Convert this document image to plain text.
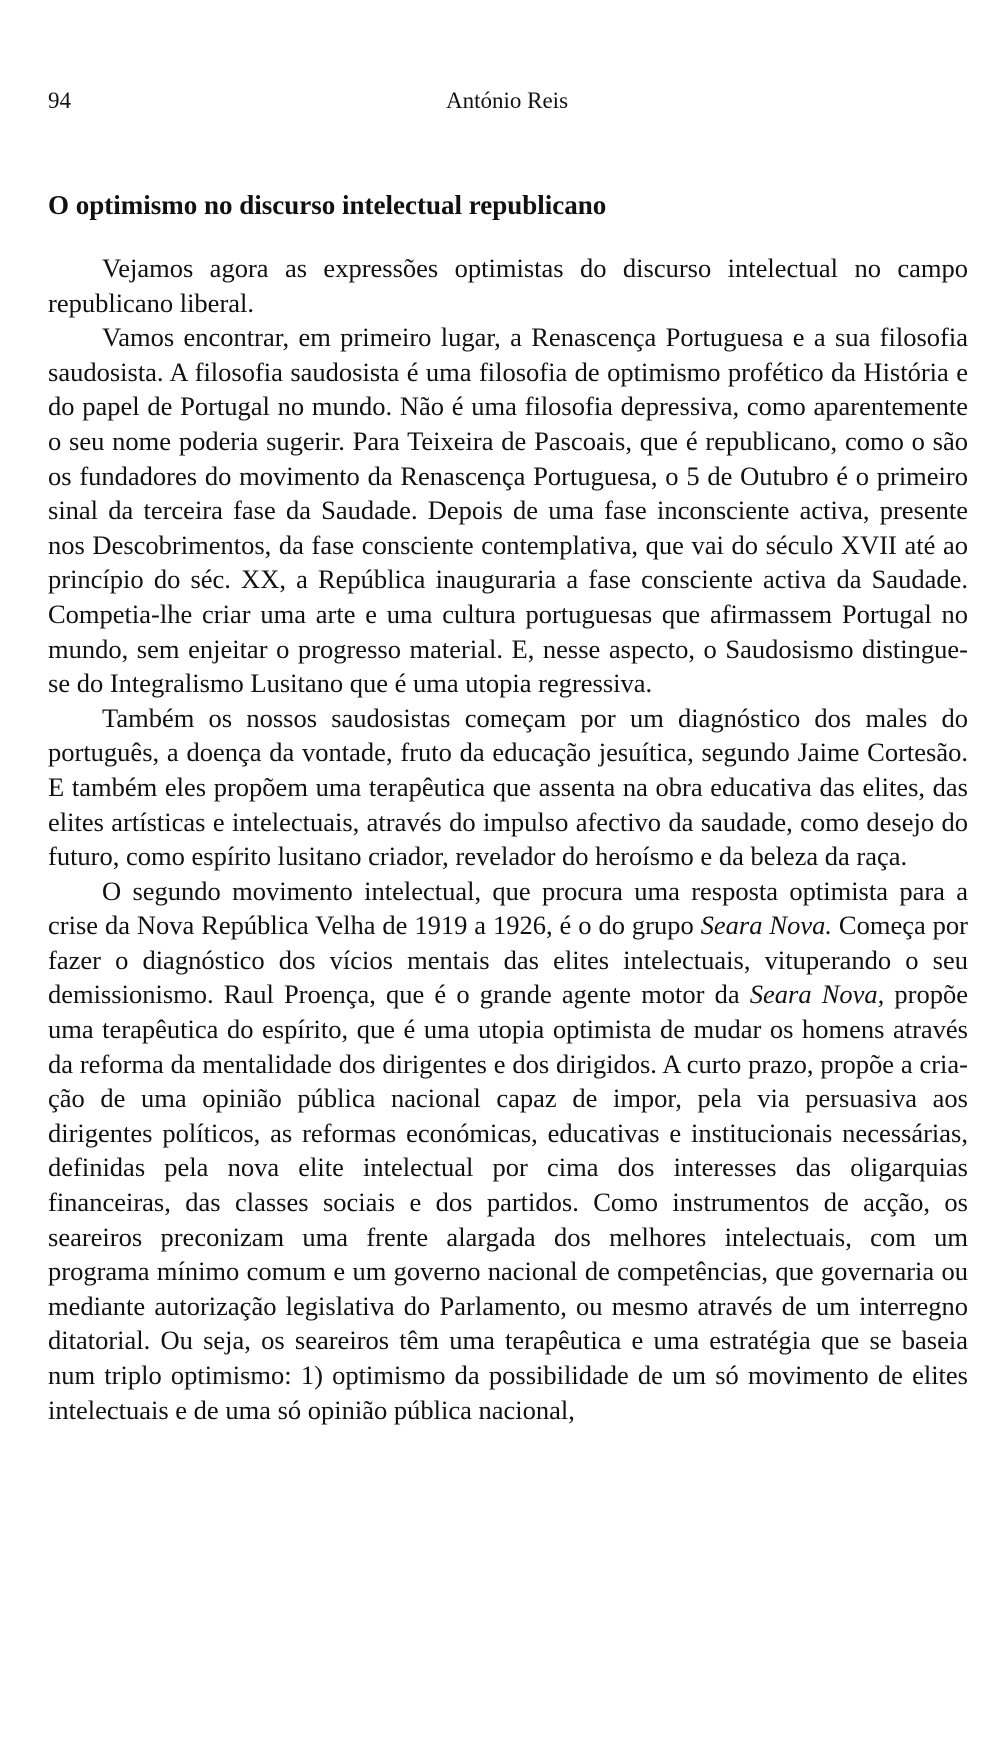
94	António Reis
O optimismo no discurso intelectual republicano

Vejamos agora as expressões optimistas do discurso intelectual no campo republicano liberal.

Vamos encontrar, em primeiro lugar, a Renascença Portuguesa e a sua filosofia saudosista. A filosofia saudosista é uma filosofia de optimismo profético da História e do papel de Portugal no mundo. Não é uma filosofia depressiva, como aparentemente o seu nome poderia sugerir. Para Teixeira de Pascoais, que é republicano, como o são os fundadores do movimento da Renascença Portuguesa, o 5 de Outubro é o primeiro sinal da terceira fase da Saudade. Depois de uma fase inconsciente activa, presente nos Descobrimentos, da fase consciente contemplativa, que vai do século XVII até ao princípio do séc. XX, a República inauguraria a fase consciente activa da Saudade. Competia-lhe criar uma arte e uma cultura portuguesas que afirmassem Portugal no mundo, sem enjeitar o progresso material. E, nesse aspecto, o Saudosismo distingue-se do Integralismo Lusitano que é uma utopia regressiva.

Também os nossos saudosistas começam por um diagnóstico dos males do português, a doença da vontade, fruto da educação jesuítica, segundo Jaime Cortesão. E também eles propõem uma terapêutica que assenta na obra educativa das elites, das elites artísticas e intelectuais, através do impulso afectivo da saudade, como desejo do futuro, como espírito lusitano criador, revelador do heroísmo e da beleza da raça.

O segundo movimento intelectual, que procura uma resposta optimista para a crise da Nova República Velha de 1919 a 1926, é o do grupo Seara Nova. Começa por fazer o diagnóstico dos vícios mentais das elites intelectuais, vituperando o seu demissionismo. Raul Proença, que é o grande agente motor da Seara Nova, propõe uma terapêutica do espírito, que é uma utopia optimista de mudar os homens através da reforma da mentalidade dos dirigentes e dos dirigidos. A curto prazo, propõe a criação de uma opinião pública nacional capaz de impor, pela via persuasiva aos dirigentes políticos, as reformas económicas, educativas e institucionais necessárias, definidas pela nova elite intelectual por cima dos interesses das oligarquias financeiras, das classes sociais e dos partidos. Como instrumentos de acção, os seareiros preconizam uma frente alargada dos melhores intelectuais, com um programa mínimo comum e um governo nacional de competências, que governaria ou mediante autorização legislativa do Parlamento, ou mesmo através de um interregno ditatorial. Ou seja, os seareiros têm uma terapêutica e uma estratégia que se baseia num triplo optimismo: 1) optimismo da possibilidade de um só movimento de elites intelectuais e de uma só opinião pública nacional,
